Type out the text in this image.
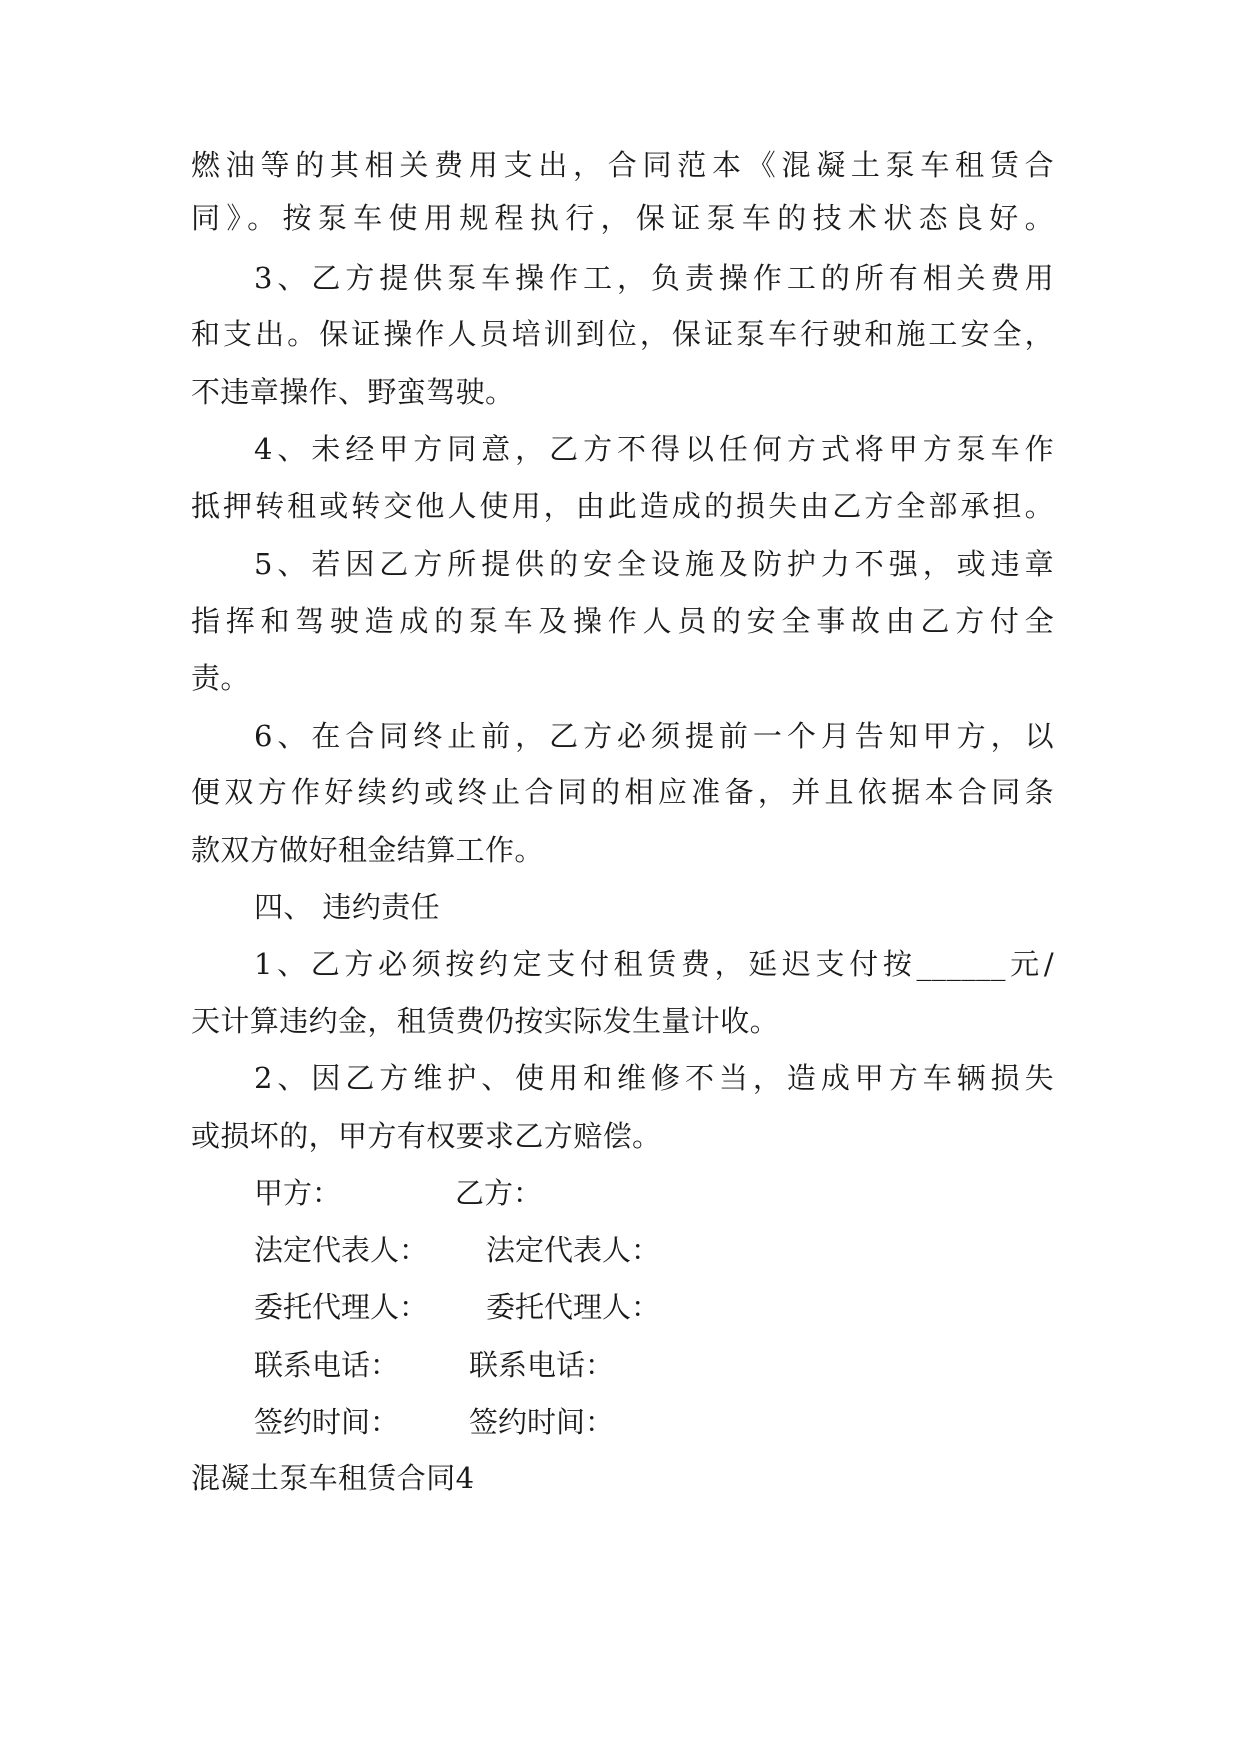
燃油等的其相关费用支出，合同范本《混凝土泵车租赁合
同》。按泵车使用规程执行，保证泵车的技术状态良好。
3、乙方提供泵车操作工，负责操作工的所有相关费用
和支出。保证操作人员培训到位，保证泵车行驶和施工安全，
不违章操作、野蛮驾驶。
4、未经甲方同意，乙方不得以任何方式将甲方泵车作
抵押转租或转交他人使用，由此造成的损失由乙方全部承担。
5、若因乙方所提供的安全设施及防护力不强，或违章
指挥和驾驶造成的泵车及操作人员的安全事故由乙方付全
责。
6、在合同终止前，乙方必须提前一个月告知甲方，以
便双方作好续约或终止合同的相应准备，并且依据本合同条
款双方做好租金结算工作。
四、 违约责任
1、乙方必须按约定支付租赁费，延迟支付按______元/
天计算违约金，租赁费仍按实际发生量计收。
2、因乙方维护、使用和维修不当，造成甲方车辆损失
或损坏的，甲方有权要求乙方赔偿。
甲方：	乙方：
法定代表人： 法定代表人：
委托代理人： 委托代理人：
联系电话： 联系电话：
签约时间： 签约时间：
混凝土泵车租赁合同4
